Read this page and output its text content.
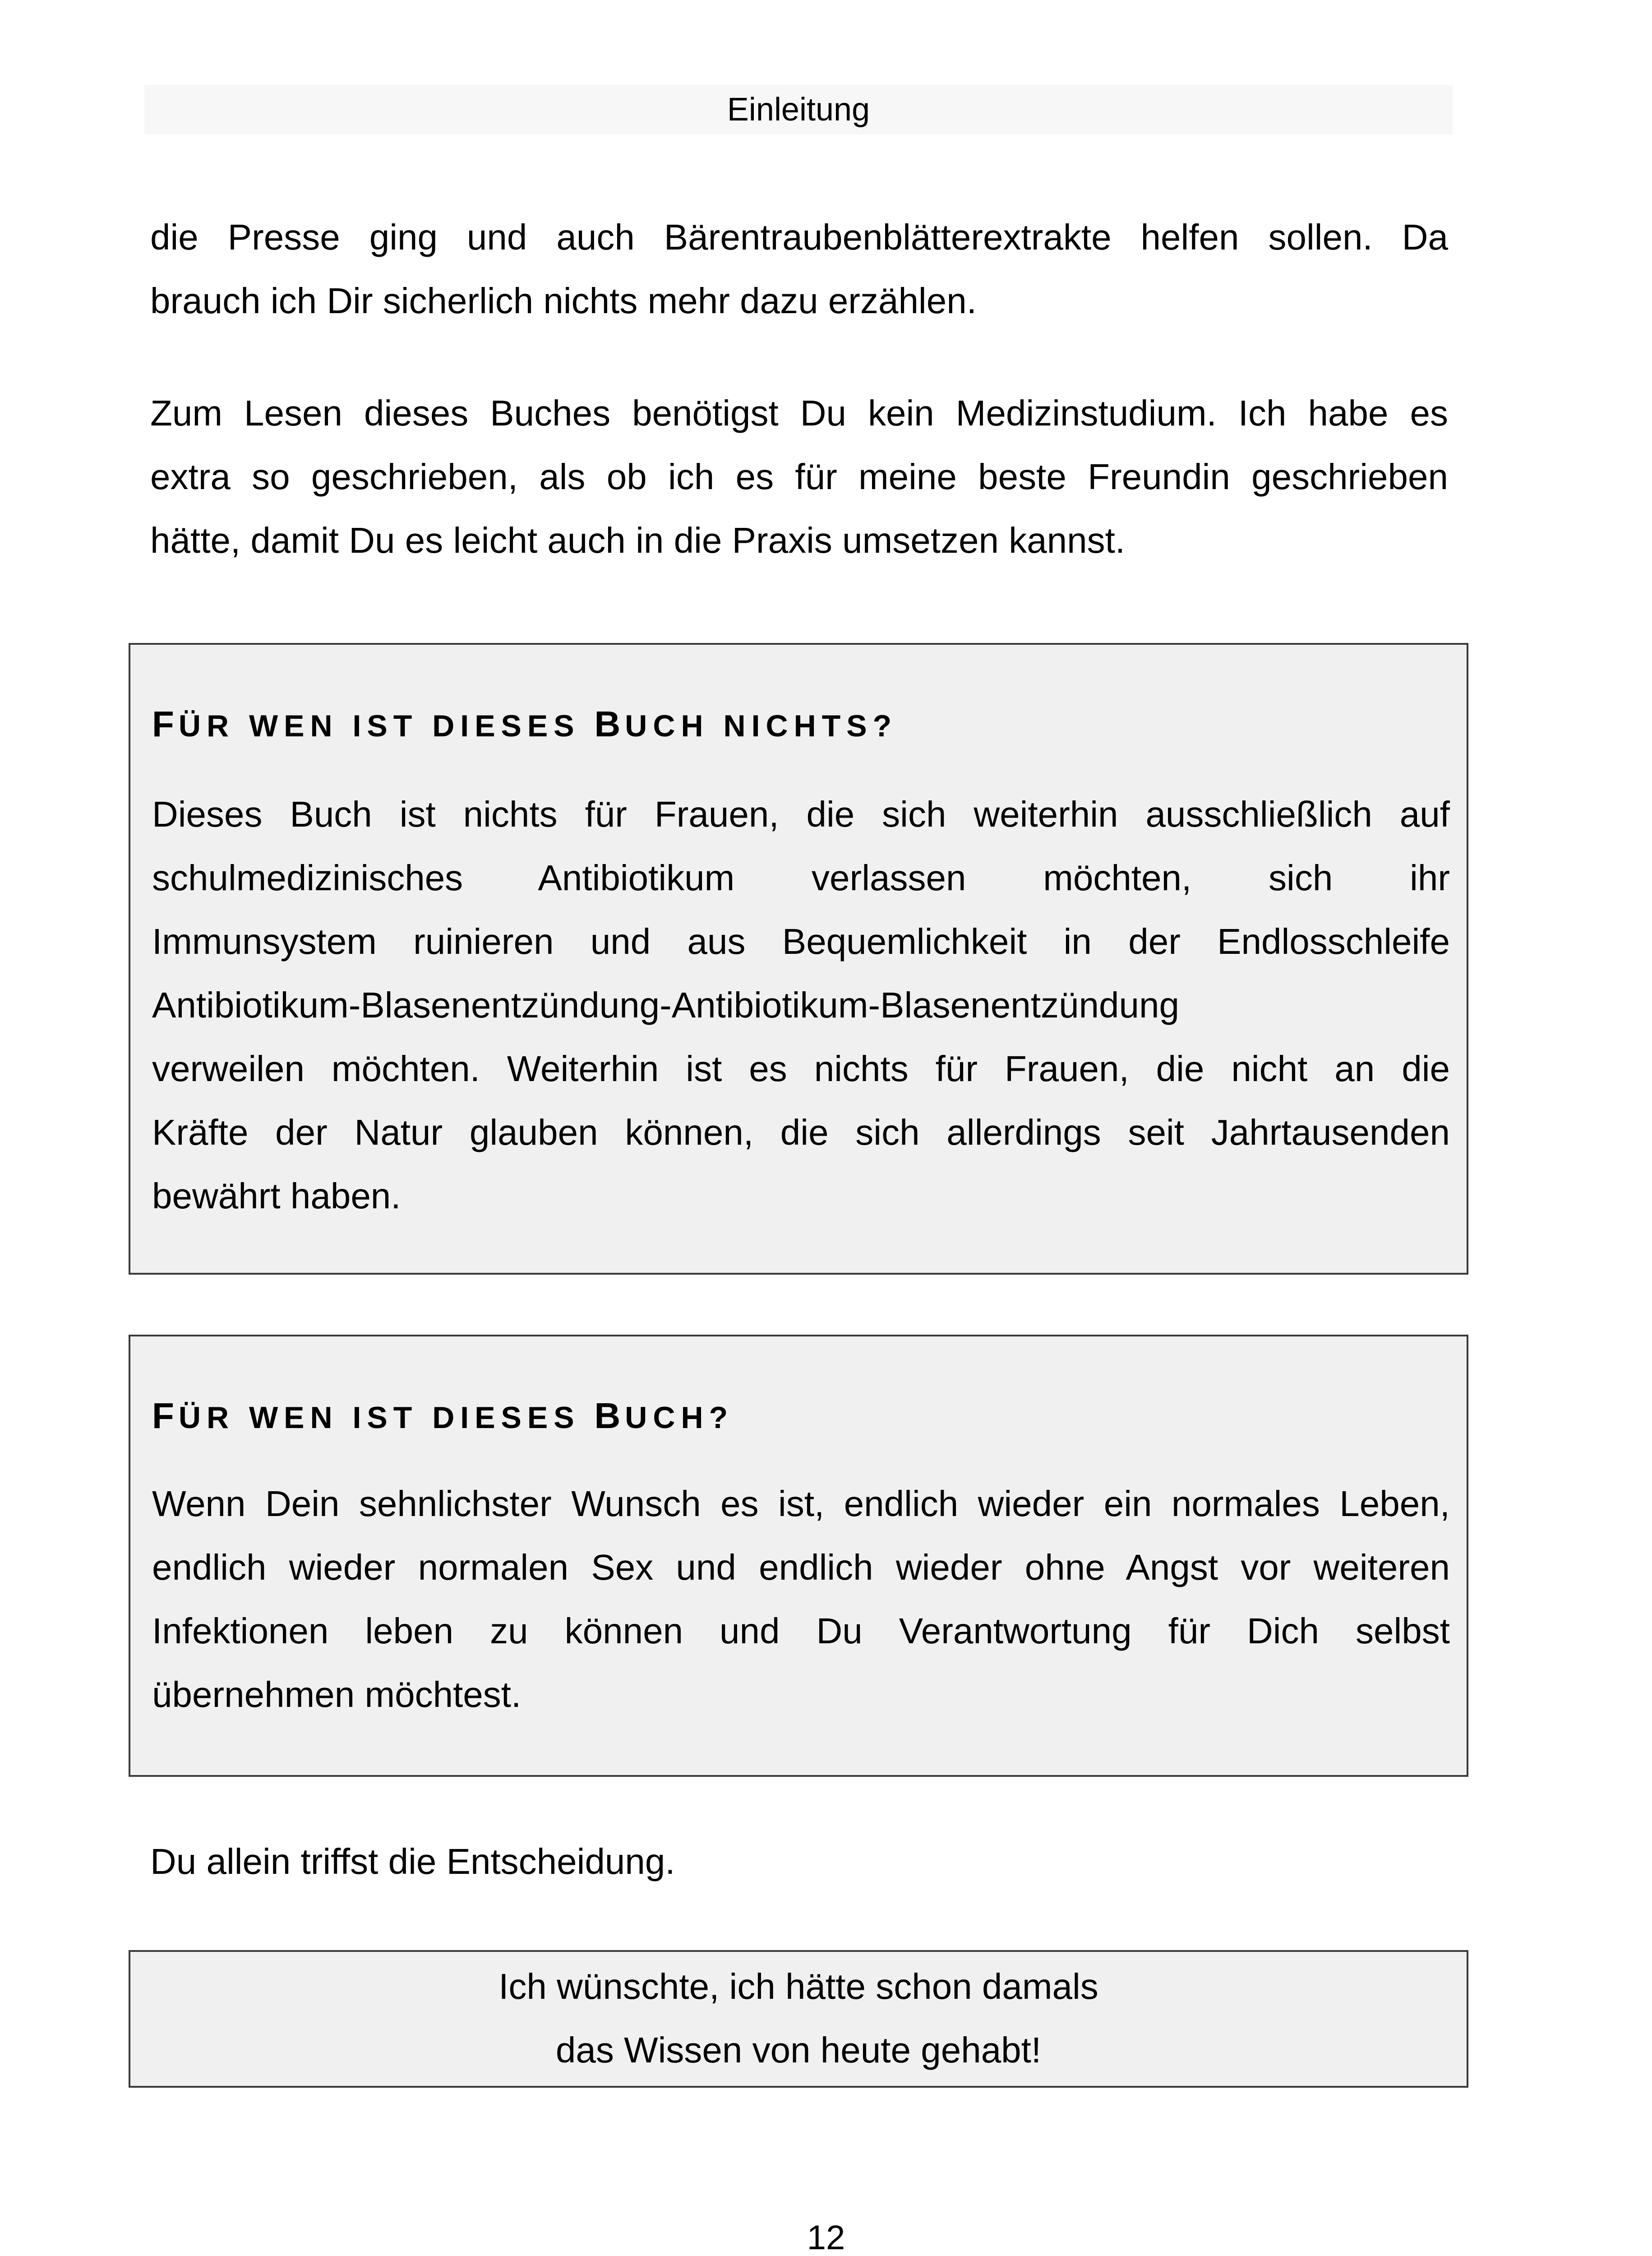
Einleitung
die Presse ging und auch Bärentraubenblätterextrakte helfen sollen. Da
brauch ich Dir sicherlich nichts mehr dazu erzählen.
Zum Lesen dieses Buches benötigst Du kein Medizinstudium. Ich habe es
extra so geschrieben, als ob ich es für meine beste Freundin geschrieben
hätte, damit Du es leicht auch in die Praxis umsetzen kannst.
FÜR WEN IST DIESES BUCH NICHTS?
Dieses Buch ist nichts für Frauen, die sich weiterhin ausschließlich auf
schulmedizinisches Antibiotikum verlassen möchten, sich ihr
Immunsystem ruinieren und aus Bequemlichkeit in der Endlosschleife
Antibiotikum-Blasenentzündung-Antibiotikum-Blasenentzündung
verweilen möchten. Weiterhin ist es nichts für Frauen, die nicht an die
Kräfte der Natur glauben können, die sich allerdings seit Jahrtausenden
bewährt haben.
FÜR WEN IST DIESES BUCH?
Wenn Dein sehnlichster Wunsch es ist, endlich wieder ein normales Leben,
endlich wieder normalen Sex und endlich wieder ohne Angst vor weiteren
Infektionen leben zu können und Du Verantwortung für Dich selbst
übernehmen möchtest.
Du allein triffst die Entscheidung.
Ich wünschte, ich hätte schon damals
das Wissen von heute gehabt!
12
